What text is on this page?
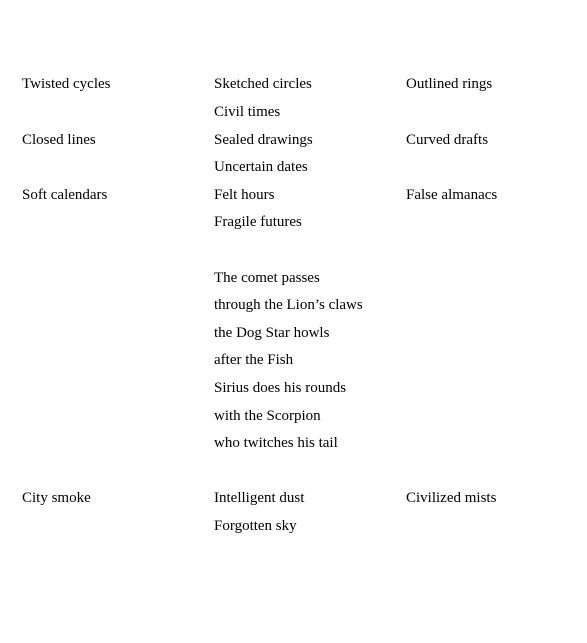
Twisted cycles	Sketched circles	Outlined rings
Civil times
Closed lines	Sealed drawings	Curved drafts
Uncertain dates
Soft calendars	Felt hours	False almanacs
Fragile futures
The comet passes
through the Lion’s claws
the Dog Star howls
after the Fish
Sirius does his rounds
with the Scorpion
who twitches his tail
City smoke	Intelligent dust	Civilized mists
Forgotten sky
